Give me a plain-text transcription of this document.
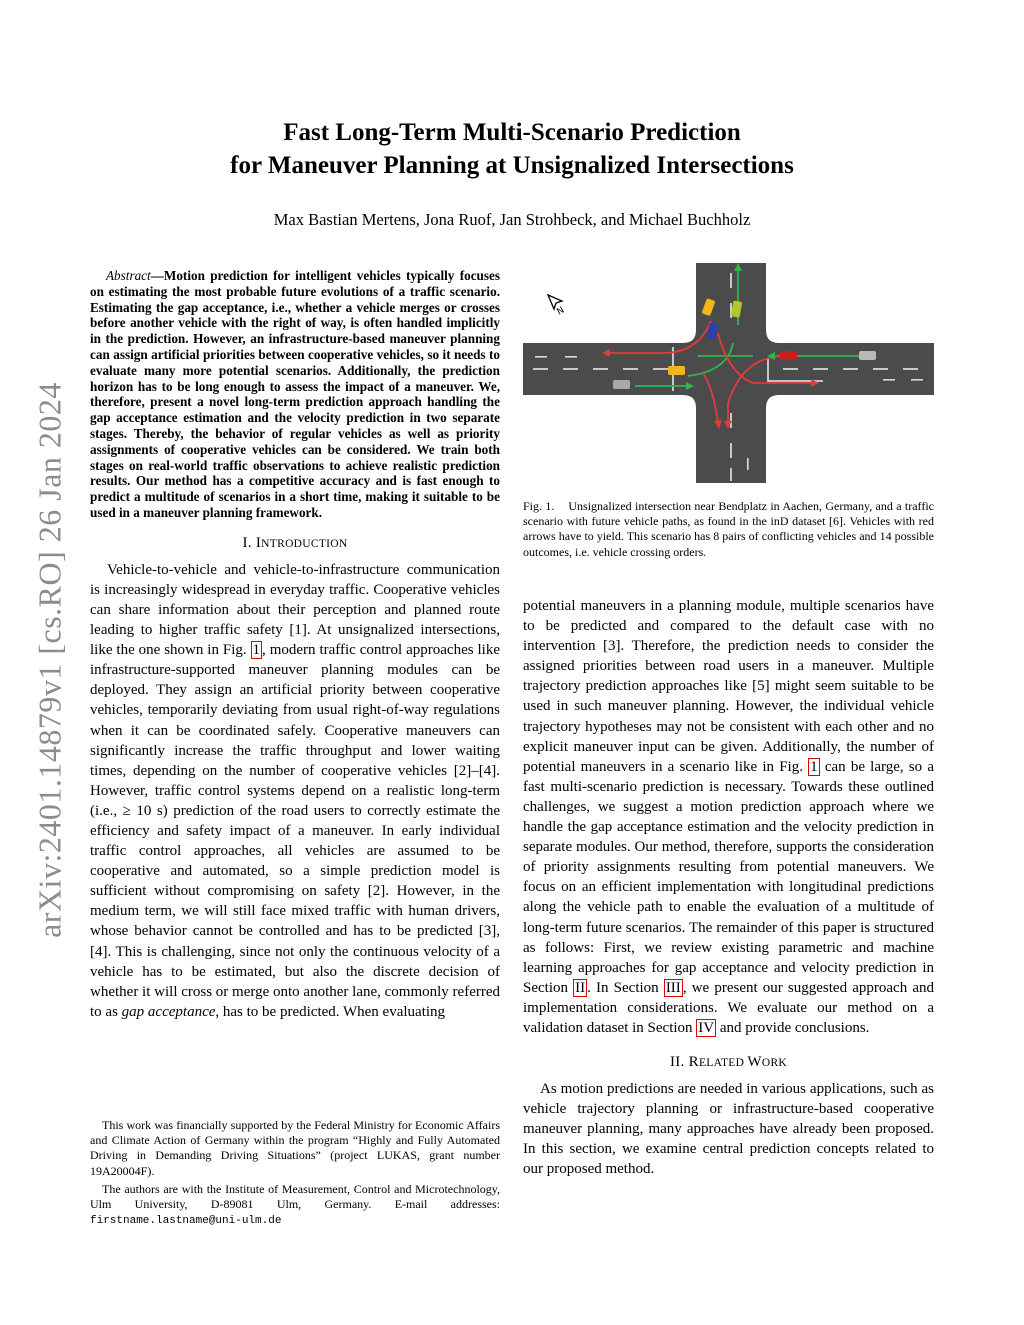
arXiv:2401.14879v1 [cs.RO] 26 Jan 2024
Fast Long-Term Multi-Scenario Prediction
for Maneuver Planning at Unsignalized Intersections
Max Bastian Mertens, Jona Ruof, Jan Strohbeck, and Michael Buchholz

Abstract—Motion prediction for intelligent vehicles typically focuses on estimating the most probable future evolutions of a traffic scenario. Estimating the gap acceptance, i.e., whether a vehicle merges or crosses before another vehicle with the right of way, is often handled implicitly in the prediction. However, an infrastructure-based maneuver planning can assign artificial priorities between cooperative vehicles, so it needs to evaluate many more potential scenarios. Additionally, the prediction horizon has to be long enough to assess the impact of a maneuver. We, therefore, present a novel long-term prediction approach handling the gap acceptance estimation and the velocity prediction in two separate stages. Thereby, the behavior of regular vehicles as well as priority assignments of cooperative vehicles can be considered. We train both stages on real-world traffic observations to achieve realistic prediction results. Our method has a competitive accuracy and is fast enough to predict a multitude of scenarios in a short time, making it suitable to be used in a maneuver planning framework.

I. INTRODUCTION

Vehicle-to-vehicle and vehicle-to-infrastructure communication is increasingly widespread in everyday traffic. Cooperative vehicles can share information about their perception and planned route leading to higher traffic safety [1]. At unsignalized intersections, like the one shown in Fig. 1 , modern traffic control approaches like infrastructure-supported maneuver planning modules can be deployed. They assign an artificial priority between cooperative vehicles, temporarily deviating from usual right-of-way regulations when it can be coordinated safely. Cooperative maneuvers can significantly increase the traffic throughput and lower waiting times, depending on the number of cooperative vehicles [2]–[4]. However, traffic control systems depend on a realistic long-term (i.e., ≥ 10 s) prediction of the road users to correctly estimate the efficiency and safety impact of a maneuver. In early individual traffic control approaches, all vehicles are assumed to be cooperative and automated, so a simple prediction model is sufficient without compromising on safety [2]. However, in the medium term, we will still face mixed traffic with human drivers, whose behavior cannot be controlled and has to be predicted [3], [4]. This is challenging, since not only the continuous velocity of a vehicle has to be estimated, but also the discrete decision of whether it will cross or merge onto another lane, commonly referred to as gap acceptance, has to be predicted. When evaluating

This work was financially supported by the Federal Ministry for Economic Affairs and Climate Action of Germany within the program “Highly and Fully Automated Driving in Demanding Driving Situations” (project LUKAS, grant number 19A20004F).

The authors are with the Institute of Measurement, Control and Microtechnology, Ulm University, D-89081 Ulm, Germany. E-mail addresses: firstname.lastname@uni-ulm.de

N
Fig. 1. Unsignalized intersection near Bendplatz in Aachen, Germany, and a traffic scenario with future vehicle paths, as found in the inD dataset [6]. Vehicles with red arrows have to yield. This scenario has 8 pairs of conflicting vehicles and 14 possible outcomes, i.e. vehicle crossing orders.

potential maneuvers in a planning module, multiple scenarios have to be predicted and compared to the default case with no intervention [3]. Therefore, the prediction needs to consider the assigned priorities between road users in a maneuver. Multiple trajectory prediction approaches like [5] might seem suitable to be used in such maneuver planning. However, the individual vehicle trajectory hypotheses may not be consistent with each other and no explicit maneuver input can be given. Additionally, the number of potential maneuvers in a scenario like in Fig. 1 can be large, so a fast multi-scenario prediction is necessary. Towards these outlined challenges, we suggest a motion prediction approach where we handle the gap acceptance estimation and the velocity prediction in separate modules. Our method, therefore, supports the consideration of priority assignments resulting from potential maneuvers. We focus on an efficient implementation with longitudinal predictions along the vehicle path to enable the evaluation of a multitude of long-term future scenarios. The remainder of this paper is structured as follows: First, we review existing parametric and machine learning approaches for gap acceptance and velocity prediction in Section II . In Section III , we present our suggested approach and implementation considerations. We evaluate our method on a validation dataset in Section IV and provide conclusions.

II. RELATED WORK

As motion predictions are needed in various applications, such as vehicle trajectory planning or infrastructure-based cooperative maneuver planning, many approaches have already been proposed. In this section, we examine central prediction concepts related to our proposed method.
